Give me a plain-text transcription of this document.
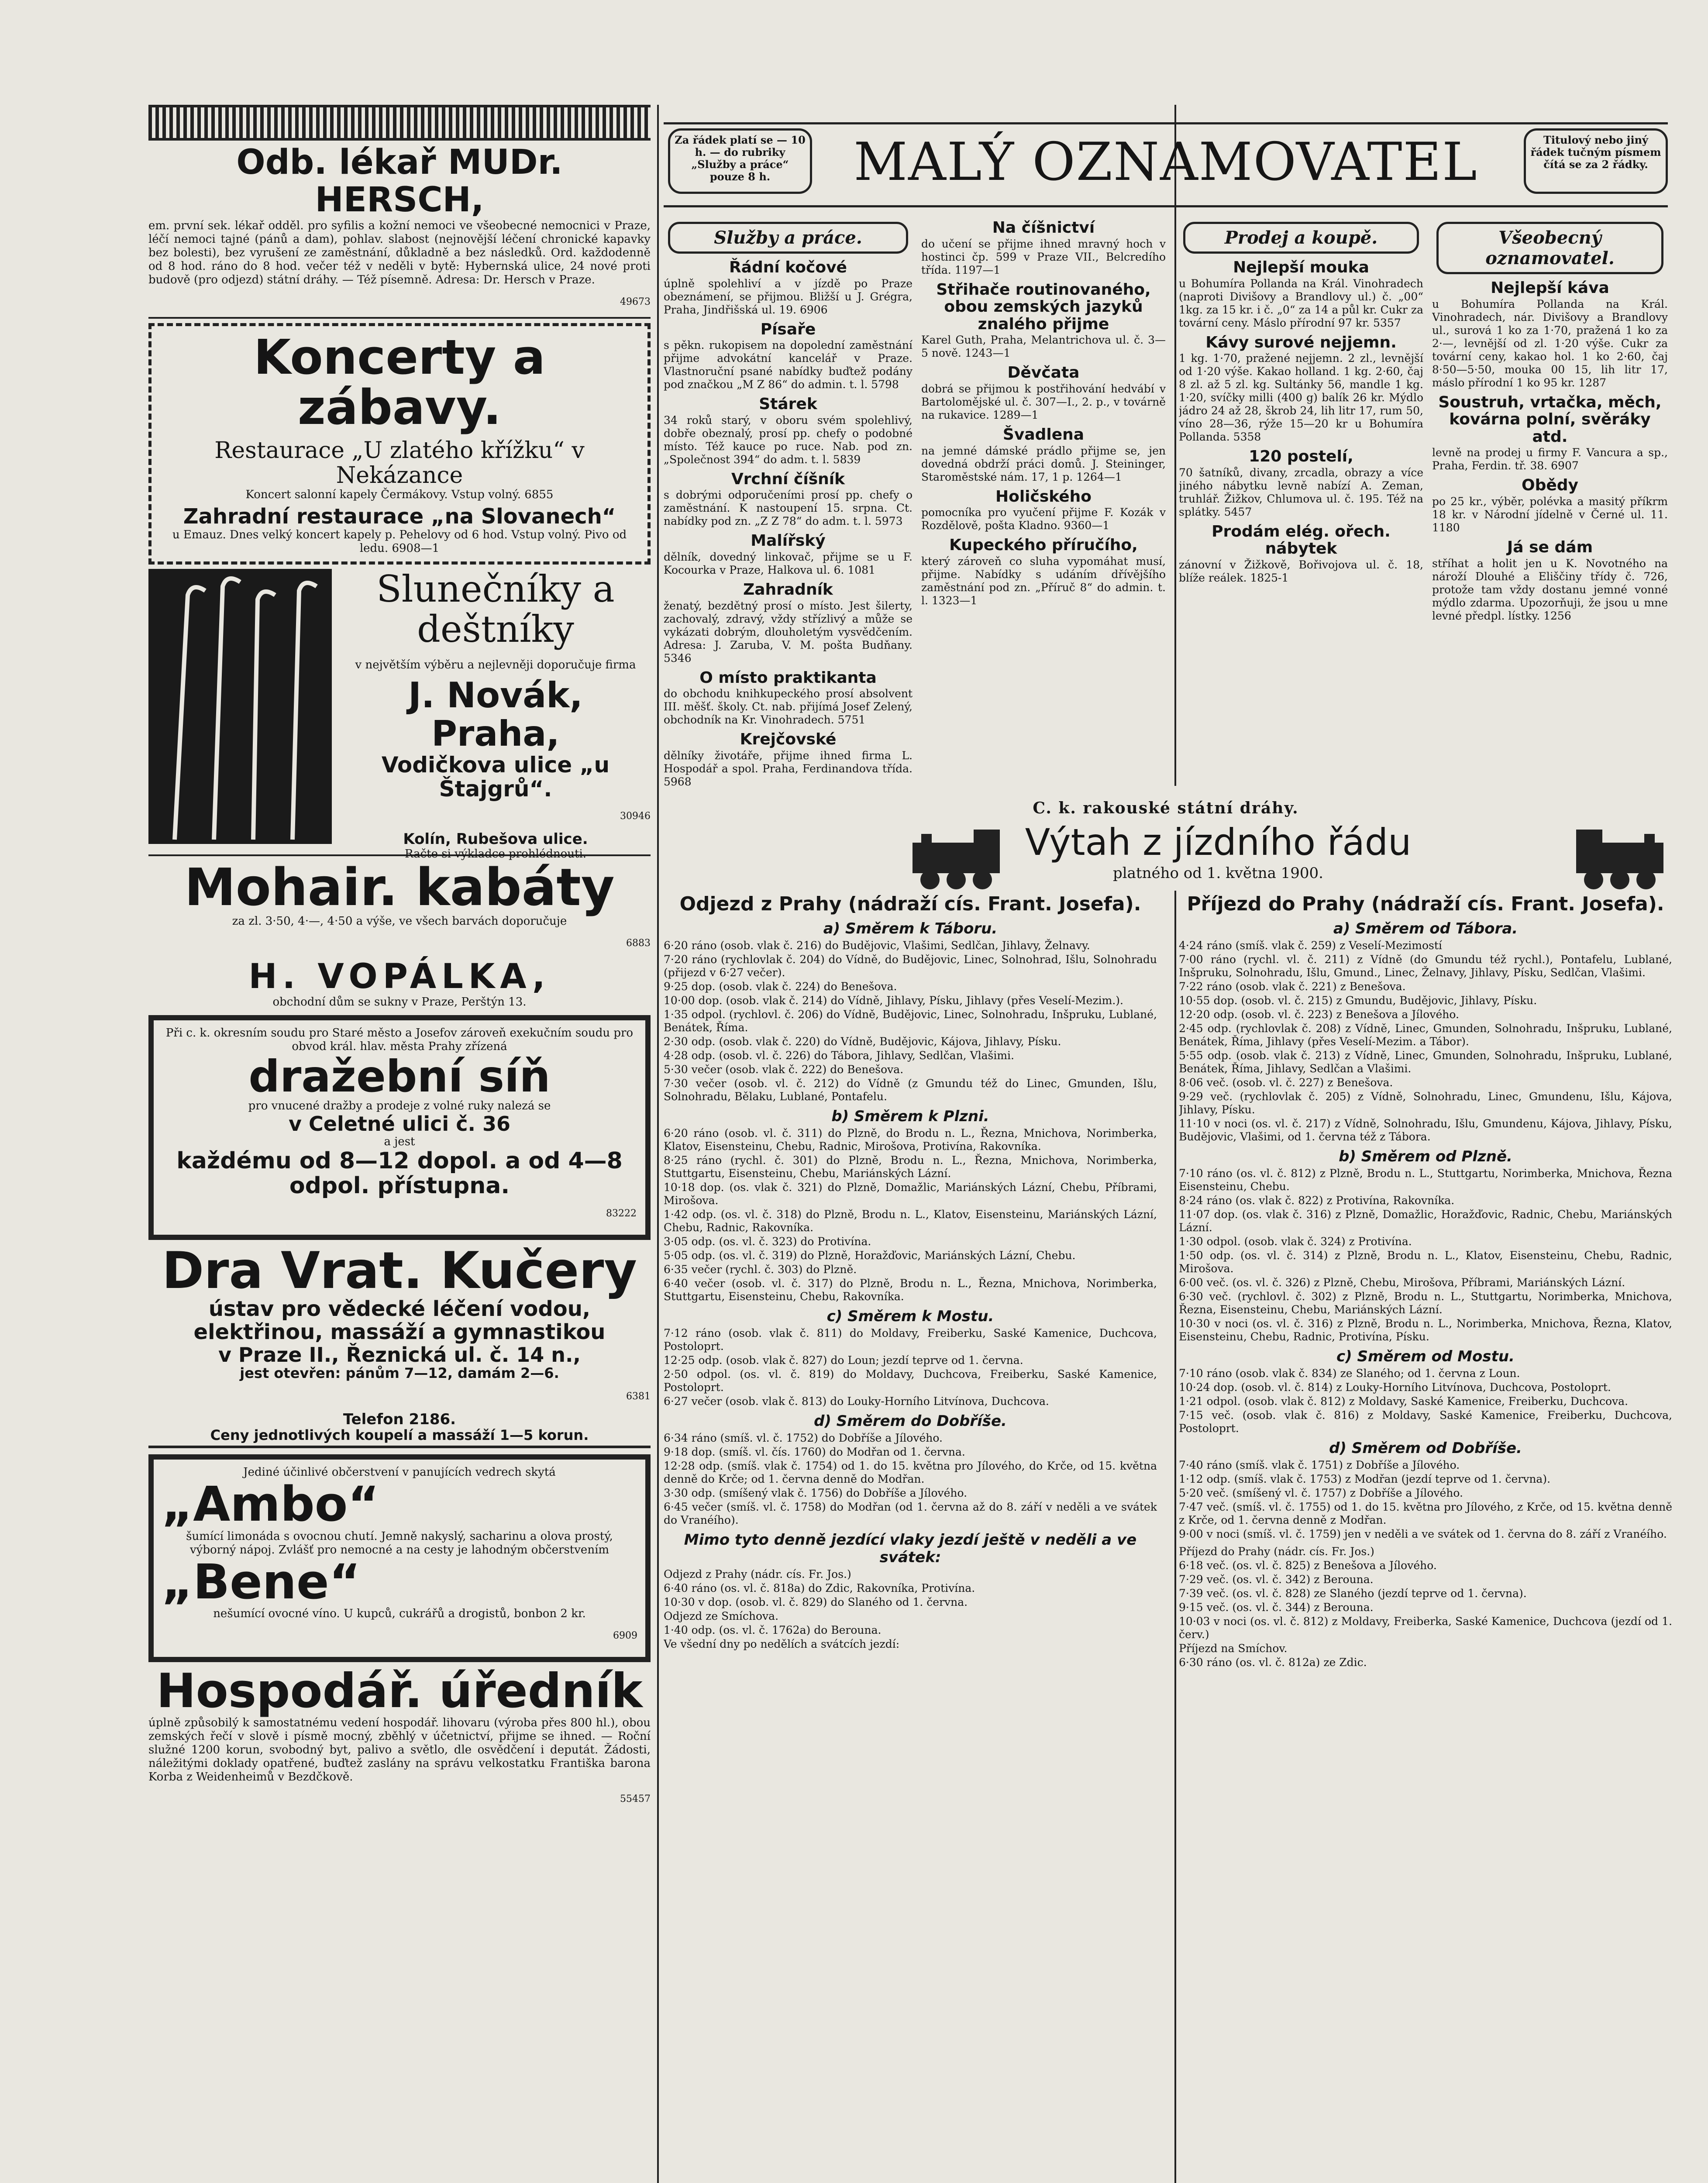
Za řádek platí se — 10 h. — do rubriky „Služby a práce“ pouze 8 h.	MALÝ OZNAMOVATEL	Titulový nebo jiný řádek tučným písmem čítá se za 2 řádky.

Odb. lékař MUDr. HERSCH,

em. první sek. lékař odděl. pro syfilis a kožní nemoci ve všeobecné nemocnici v Praze, léčí nemoci tajné (pánů a dam), pohlav. slabost (nejnovější léčení chronické kapavky bez bolesti), bez vyrušení ze zaměstnání, důkladně a bez následků. Ord. každodenně od 8 hod. ráno do 8 hod. večer též v neděli v bytě: Hybernská ulice, 24 nové proti budově (pro odjezd) státní dráhy. — Též písemně. Adresa: Dr. Hersch v Praze.

49673

Koncerty a zábavy.

Restaurace „U zlatého křížku“ v Nekázance

Koncert salonní kapely Čermákovy. Vstup volný. 6855

Zahradní restaurace „na Slovanech“

u Emauz. Dnes velký koncert kapely p. Pehelovy od 6 hod. Vstup volný. Pivo od ledu. 6908—1

Slunečníky a deštníky

v největším výběru a nejlevněji doporučuje firma

J. Novák, Praha,

Vodičkova ulice „u Štajgrů“.

30946

Kolín, Rubešova ulice.

Račte si výkladce prohlédnouti.

Mohair. kabáty

za zl. 3·50, 4·—, 4·50 a výše, ve všech barvách doporučuje

6883

H. VOPÁLKA,

obchodní dům se sukny v Praze, Perštýn 13.

Při c. k. okresním soudu pro Staré město a Josefov zároveň exekučním soudu pro obvod král. hlav. města Prahy zřízená

dražební síň

pro vnucené dražby a prodeje z volné ruky nalezá se

v Celetné ulici č. 36

a jest

každému od 8—12 dopol. a od 4—8 odpol. přístupna.

83222

Dra Vrat. Kučery

ústav pro vědecké léčení vodou, elektřinou, massáží a gymnastikou

v Praze II., Řeznická ul. č. 14 n.,

jest otevřen: pánům 7—12, damám 2—6.

6381

Telefon 2186.

Ceny jednotlivých koupelí a massáží 1—5 korun.

Jediné účinlivé občerstvení v panujících vedrech skytá

„Ambo“

šumící limonáda s ovocnou chutí. Jemně nakyslý, sacharinu a olova prostý, výborný nápoj. Zvlášť pro nemocné a na cesty je lahodným občerstvením

„Bene“

nešumící ovocné víno. U kupců, cukrářů a drogistů, bonbon 2 kr.

6909

Hospodář. úředník

úplně způsobilý k samostatnému vedení hospodář. lihovaru (výroba přes 800 hl.), obou zemských řečí v slově i písmě mocný, zběhlý v účetnictví, přijme se ihned. — Roční služné 1200 korun, svobodný byt, palivo a světlo, dle osvědčení i deputát. Žádosti, náležitými doklady opatřené, buďtež zaslány na správu velkostatku Františka barona Korba z Weidenheimů v Bezdčkově.

55457

Služby a práce.

Řádní kočové

úplně spolehliví a v jízdě po Praze obeznámení, se přijmou. Bližší u J. Grégra, Praha, Jindřišská ul. 19. 6906

Písaře

s pěkn. rukopisem na dopolední zaměstnání přijme advokátní kancelář v Praze. Vlastnoruční psané nabídky buďtež podány pod značkou „M Z 86“ do admin. t. l. 5798

Stárek

34 roků starý, v oboru svém spolehlivý, dobře obeznalý, prosí pp. chefy o podobné místo. Též kauce po ruce. Nab. pod zn. „Společnost 394“ do adm. t. l. 5839

Vrchní číšník

s dobrými odporučeními prosí pp. chefy o zaměstnání. K nastoupení 15. srpna. Ct. nabídky pod zn. „Z Z 78“ do adm. t. l. 5973

Malířský

dělník, dovedný linkovač, přijme se u F. Kocourka v Praze, Halkova ul. 6. 1081

Zahradník

ženatý, bezdětný prosí o místo. Jest šilerty, zachovalý, zdravý, vždy střízlivý a může se vykázati dobrým, dlouholetým vysvědčením. Adresa: J. Zaruba, V. M. pošta Budňany. 5346

O místo praktikanta

do obchodu knihkupeckého prosí absolvent III. měšť. školy. Ct. nab. přijímá Josef Zelený, obchodník na Kr. Vinohradech. 5751

Krejčovské

dělníky životáře, přijme ihned firma L. Hospodář a spol. Praha, Ferdinandova třída. 5968

Na číšnictví

do učení se přijme ihned mravný hoch v hostinci čp. 599 v Praze VII., Belcredího třída. 1197—1

Střihače routinovaného, obou zemských jazyků znalého přijme

Karel Guth, Praha, Melantrichova ul. č. 3—5 nově. 1243—1

Děvčata

dobrá se přijmou k postřihování hedvábí v Bartolomějské ul. č. 307—I., 2. p., v továrně na rukavice. 1289—1

Švadlena

na jemné dámské prádlo přijme se, jen dovedná obdrží práci domů. J. Steininger, Staroměstské nám. 17, 1 p. 1264—1

Holičského

pomocníka pro vyučení přijme F. Kozák v Rozdělově, pošta Kladno. 9360—1

Kupeckého příručího,

který zároveň co sluha vypomáhat musí, přijme. Nabídky s udáním dřívějšího zaměstnání pod zn. „Příruč 8“ do admin. t. l. 1323—1

Prodej a koupě.

Nejlepší mouka

u Bohumíra Pollanda na Král. Vinohradech (naproti Divišovy a Brandlovy ul.) č. „00“ 1kg. za 15 kr. i č. „0“ za 14 a půl kr. Cukr za tovární ceny. Máslo přírodní 97 kr. 5357

Kávy surové nejjemn.

1 kg. 1·70, pražené nejjemn. 2 zl., levnější od 1·20 výše. Kakao holland. 1 kg. 2·60, čaj 8 zl. až 5 zl. kg. Sultánky 56, mandle 1 kg. 1·20, svíčky milli (400 g) balík 26 kr. Mýdlo jádro 24 až 28, škrob 24, lih litr 17, rum 50, víno 28—36, rýže 15—20 kr u Bohumíra Pollanda. 5358

120 postelí,

70 šatníků, divany, zrcadla, obrazy a více jiného nábytku levně nabízí A. Zeman, truhlář. Žižkov, Chlumova ul. č. 195. Též na splátky. 5457

Prodám elég. ořech. nábytek

zánovní v Žižkově, Bořivojova ul. č. 18, blíže reálek. 1825-1

Všeobecný oznamovatel.

Nejlepší káva

u Bohumíra Pollanda na Král. Vinohradech, nár. Divišovy a Brandlovy ul., surová 1 ko za 1·70, pražená 1 ko za 2·—, levnější od zl. 1·20 výše. Cukr za tovární ceny, kakao hol. 1 ko 2·60, čaj 8·50—5·50, mouka 00 15, lih litr 17, máslo přírodní 1 ko 95 kr. 1287

Soustruh, vrtačka, měch, kovárna polní, svěráky atd.

levně na prodej u firmy F. Vancura a sp., Praha, Ferdin. tř. 38. 6907

Obědy

po 25 kr., výběr, polévka a masitý příkrm 18 kr. v Národní jídelně v Černé ul. 11. 1180

Já se dám

stříhat a holit jen u K. Novotného na nároží Dlouhé a Eliščiny třídy č. 726, protože tam vždy dostanu jemné vonné mýdlo zdarma. Upozorňuji, že jsou u mne levné předpl. lístky. 1256

C. k. rakouské státní dráhy.
Výtah z jízdního řádu
platného od 1. května 1900.
Odjezd z Prahy (nádraží cís. Frant. Josefa).
a) Směrem k Táboru.

6·20 ráno (osob. vlak č. 216) do Budějovic, Vlašimi, Sedlčan, Jihlavy, Želnavy.

7·20 ráno (rychlovlak č. 204) do Vídně, do Budějovic, Linec, Solnohrad, Išlu, Solnohradu (přijezd v 6·27 večer).

9·25 dop. (osob. vlak č. 224) do Benešova.

10·00 dop. (osob. vlak č. 214) do Vídně, Jihlavy, Písku, Jihlavy (přes Veselí-Mezim.).

1·35 odpol. (rychlovl. č. 206) do Vídně, Budějovic, Linec, Solnohradu, Inšpruku, Lublané, Benátek, Říma.

2·30 odp. (osob. vlak č. 220) do Vídně, Budějovic, Kájova, Jihlavy, Písku.

4·28 odp. (osob. vl. č. 226) do Tábora, Jihlavy, Sedlčan, Vlašimi.

5·30 večer (osob. vlak č. 222) do Benešova.

7·30 večer (osob. vl. č. 212) do Vídně (z Gmundu též do Linec, Gmunden, Išlu, Solnohradu, Bělaku, Lublané, Pontafelu.

b) Směrem k Plzni.

6·20 ráno (osob. vl. č. 311) do Plzně, do Brodu n. L., Řezna, Mnichova, Norimberka, Klatov, Eisensteinu, Chebu, Radnic, Mirošova, Protivína, Rakovníka.

8·25 ráno (rychl. č. 301) do Plzně, Brodu n. L., Řezna, Mnichova, Norimberka, Stuttgartu, Eisensteinu, Chebu, Mariánských Lázní.

10·18 dop. (os. vlak č. 321) do Plzně, Domažlic, Mariánských Lázní, Chebu, Příbrami, Mirošova.

1·42 odp. (os. vl. č. 318) do Plzně, Brodu n. L., Klatov, Eisensteinu, Mariánských Lázní, Chebu, Radnic, Rakovníka.

3·05 odp. (os. vl. č. 323) do Protivína.

5·05 odp. (os. vl. č. 319) do Plzně, Horažďovic, Mariánských Lázní, Chebu.

6·35 večer (rychl. č. 303) do Plzně.

6·40 večer (osob. vl. č. 317) do Plzně, Brodu n. L., Řezna, Mnichova, Norimberka, Stuttgartu, Eisensteinu, Chebu, Rakovníka.

c) Směrem k Mostu.

7·12 ráno (osob. vlak č. 811) do Moldavy, Freiberku, Saské Kamenice, Duchcova, Postoloprt.

12·25 odp. (osob. vlak č. 827) do Loun; jezdí teprve od 1. června.

2·50 odpol. (os. vl. č. 819) do Moldavy, Duchcova, Freiberku, Saské Kamenice, Postoloprt.

6·27 večer (osob. vlak č. 813) do Louky-Horního Litvínova, Duchcova.

d) Směrem do Dobříše.

6·34 ráno (smíš. vl. č. 1752) do Dobříše a Jílového.

9·18 dop. (smíš. vl. čís. 1760) do Modřan od 1. června.

12·28 odp. (smíš. vlak č. 1754) od 1. do 15. května pro Jílového, do Krče, od 15. května denně do Krče; od 1. června denně do Modřan.

3·30 odp. (smíšený vlak č. 1756) do Dobříše a Jílového.

6·45 večer (smíš. vl. č. 1758) do Modřan (od 1. června až do 8. září v neděli a ve svátek do Vranéího).

Mimo tyto denně jezdící vlaky jezdí ještě v neděli a ve svátek:

Odjezd z Prahy (nádr. cís. Fr. Jos.)

6·40 ráno (os. vl. č. 818a) do Zdic, Rakovníka, Protivína.

10·30 v dop. (osob. vl. č. 829) do Slaného od 1. června.

Odjezd ze Smíchova.

1·40 odp. (os. vl. č. 1762a) do Berouna.

Ve všední dny po nedělích a svátcích jezdí:

Příjezd do Prahy (nádraží cís. Frant. Josefa).
a) Směrem od Tábora.

4·24 ráno (smíš. vlak č. 259) z Veselí-Mezimostí

7·00 ráno (rychl. vl. č. 211) z Vídně (do Gmundu též rychl.), Pontafelu, Lublané, Inšpruku, Solnohradu, Išlu, Gmund., Linec, Želnavy, Jihlavy, Písku, Sedlčan, Vlašimi.

7·22 ráno (osob. vlak č. 221) z Benešova.

10·55 dop. (osob. vl. č. 215) z Gmundu, Budějovic, Jihlavy, Písku.

12·20 odp. (osob. vl. č. 223) z Benešova a Jílového.

2·45 odp. (rychlovlak č. 208) z Vídně, Linec, Gmunden, Solnohradu, Inšpruku, Lublané, Benátek, Říma, Jihlavy (přes Veselí-Mezim. a Tábor).

5·55 odp. (osob. vlak č. 213) z Vídně, Linec, Gmunden, Solnohradu, Inšpruku, Lublané, Benátek, Říma, Jihlavy, Sedlčan a Vlašimi.

8·06 več. (osob. vl. č. 227) z Benešova.

9·29 več. (rychlovlak č. 205) z Vídně, Solnohradu, Linec, Gmundenu, Išlu, Kájova, Jihlavy, Písku.

11·10 v noci (os. vl. č. 217) z Vídně, Solnohradu, Išlu, Gmundenu, Kájova, Jihlavy, Písku, Budějovic, Vlašimi, od 1. června též z Tábora.

b) Směrem od Plzně.

7·10 ráno (os. vl. č. 812) z Plzně, Brodu n. L., Stuttgartu, Norimberka, Mnichova, Řezna Eisensteinu, Chebu.

8·24 ráno (os. vlak č. 822) z Protivína, Rakovníka.

11·07 dop. (os. vlak č. 316) z Plzně, Domažlic, Horažďovic, Radnic, Chebu, Mariánských Lázní.

1·30 odpol. (osob. vlak č. 324) z Protivína.

1·50 odp. (os. vl. č. 314) z Plzně, Brodu n. L., Klatov, Eisensteinu, Chebu, Radnic, Mirošova.

6·00 več. (os. vl. č. 326) z Plzně, Chebu, Mirošova, Příbrami, Mariánských Lázní.

6·30 več. (rychlovl. č. 302) z Plzně, Brodu n. L., Stuttgartu, Norimberka, Mnichova, Řezna, Eisensteinu, Chebu, Mariánských Lázní.

10·30 v noci (os. vl. č. 316) z Plzně, Brodu n. L., Norimberka, Mnichova, Řezna, Klatov, Eisensteinu, Chebu, Radnic, Protivína, Písku.

c) Směrem od Mostu.

7·10 ráno (osob. vlak č. 834) ze Slaného; od 1. června z Loun.

10·24 dop. (osob. vl. č. 814) z Louky-Horního Litvínova, Duchcova, Postoloprt.

1·21 odpol. (osob. vlak č. 812) z Moldavy, Saské Kamenice, Freiberku, Duchcova.

7·15 več. (osob. vlak č. 816) z Moldavy, Saské Kamenice, Freiberku, Duchcova, Postoloprt.

d) Směrem od Dobříše.

7·40 ráno (smíš. vlak č. 1751) z Dobříše a Jílového.

1·12 odp. (smíš. vlak č. 1753) z Modřan (jezdí teprve od 1. června).

5·20 več. (smíšený vl. č. 1757) z Dobříše a Jílového.

7·47 več. (smíš. vl. č. 1755) od 1. do 15. května pro Jílového, z Krče, od 15. května denně z Krče, od 1. června denně z Modřan.

9·00 v noci (smíš. vl. č. 1759) jen v neděli a ve svátek od 1. června do 8. září z Vranéího.

Příjezd do Prahy (nádr. cís. Fr. Jos.)

6·18 več. (os. vl. č. 825) z Benešova a Jílového.

7·29 več. (os. vl. č. 342) z Berouna.

7·39 več. (os. vl. č. 828) ze Slaného (jezdí teprve od 1. června).

9·15 več. (os. vl. č. 344) z Berouna.

10·03 v noci (os. vl. č. 812) z Moldavy, Freiberka, Saské Kamenice, Duchcova (jezdí od 1. červ.)

Příjezd na Smíchov.

6·30 ráno (os. vl. č. 812a) ze Zdic.
